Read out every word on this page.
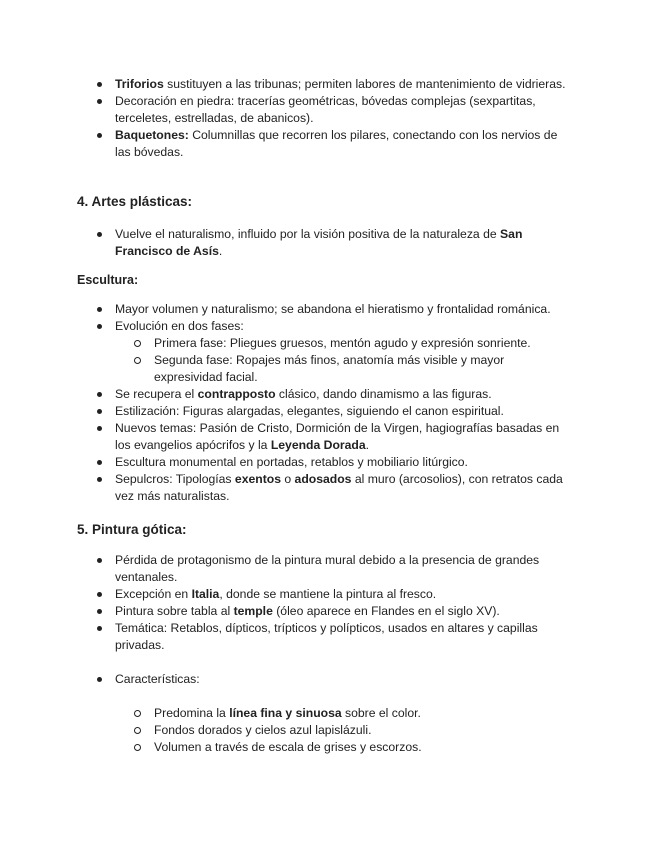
Triforios sustituyen a las tribunas; permiten labores de mantenimiento de vidrieras.
Decoración en piedra: tracerías geométricas, bóvedas complejas (sexpartitas, terceletes, estrelladas, de abanicos).
Baquetones: Columnillas que recorren los pilares, conectando con los nervios de las bóvedas.
4. Artes plásticas:
Vuelve el naturalismo, influido por la visión positiva de la naturaleza de San Francisco de Asís.
Escultura:
Mayor volumen y naturalismo; se abandona el hieratismo y frontalidad románica.
Evolución en dos fases:
Primera fase: Pliegues gruesos, mentón agudo y expresión sonriente.
Segunda fase: Ropajes más finos, anatomía más visible y mayor expresividad facial.
Se recupera el contrapposto clásico, dando dinamismo a las figuras.
Estilización: Figuras alargadas, elegantes, siguiendo el canon espiritual.
Nuevos temas: Pasión de Cristo, Dormición de la Virgen, hagiografías basadas en los evangelios apócrifos y la Leyenda Dorada.
Escultura monumental en portadas, retablos y mobiliario litúrgico.
Sepulcros: Tipologías exentos o adosados al muro (arcosolios), con retratos cada vez más naturalistas.
5. Pintura gótica:
Pérdida de protagonismo de la pintura mural debido a la presencia de grandes ventanales.
Excepción en Italia, donde se mantiene la pintura al fresco.
Pintura sobre tabla al temple (óleo aparece en Flandes en el siglo XV).
Temática: Retablos, dípticos, trípticos y polípticos, usados en altares y capillas privadas.
Características:
Predomina la línea fina y sinuosa sobre el color.
Fondos dorados y cielos azul lapislázuli.
Volumen a través de escala de grises y escorzos.
